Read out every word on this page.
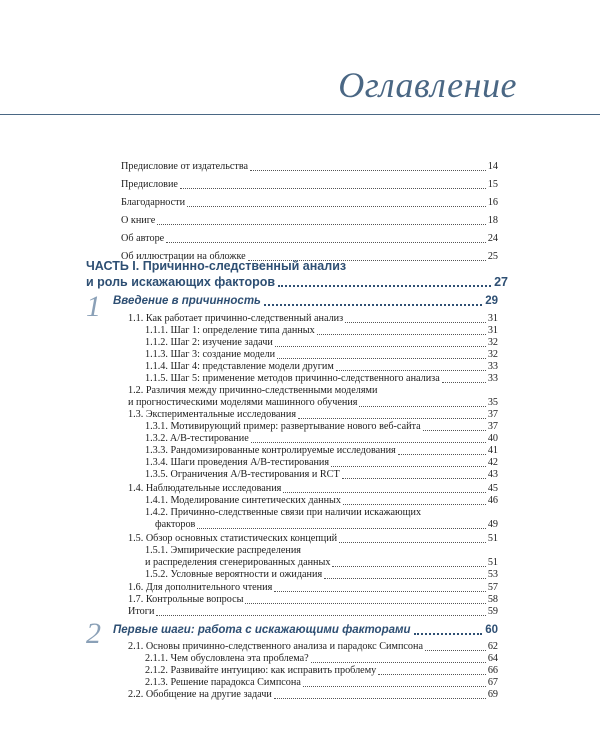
Оглавление
Предисловие от издательства	14
Предисловие	15
Благодарности	16
О книге	18
Об авторе	24
Об иллюстрации на обложке	25
ЧАСТЬ I. Причинно-следственный анализ
и роль искажающих факторов	27
1 Введение в причинность	29
1.1. Как работает причинно-следственный анализ	31
1.1.1. Шаг 1: определение типа данных	31
1.1.2. Шаг 2: изучение задачи	32
1.1.3. Шаг 3: создание модели	32
1.1.4. Шаг 4: представление модели другим	33
1.1.5. Шаг 5: применение методов причинно-следственного анализа	33
1.2. Различия между причинно-следственными моделями
и прогностическими моделями машинного обучения	35
1.3. Экспериментальные исследования	37
1.3.1. Мотивирующий пример: развертывание нового веб-сайта	37
1.3.2. A/B-тестирование	40
1.3.3. Рандомизированные контролируемые исследования	41
1.3.4. Шаги проведения A/B-тестирования	42
1.3.5. Ограничения A/B-тестирования и RCT	43
1.4. Наблюдательные исследования	45
1.4.1. Моделирование синтетических данных	46
1.4.2. Причинно-следственные связи при наличии искажающих
факторов	49
1.5. Обзор основных статистических концепций	51
1.5.1. Эмпирические распределения
и распределения сгенерированных данных	51
1.5.2. Условные вероятности и ожидания	53
1.6. Для дополнительного чтения	57
1.7. Контрольные вопросы	58
Итоги	59
2 Первые шаги: работа с искажающими факторами	60
2.1. Основы причинно-следственного анализа и парадокс Симпсона	62
2.1.1. Чем обусловлена эта проблема?	64
2.1.2. Развивайте интуицию: как исправить проблему	66
2.1.3. Решение парадокса Симпсона	67
2.2. Обобщение на другие задачи	69
